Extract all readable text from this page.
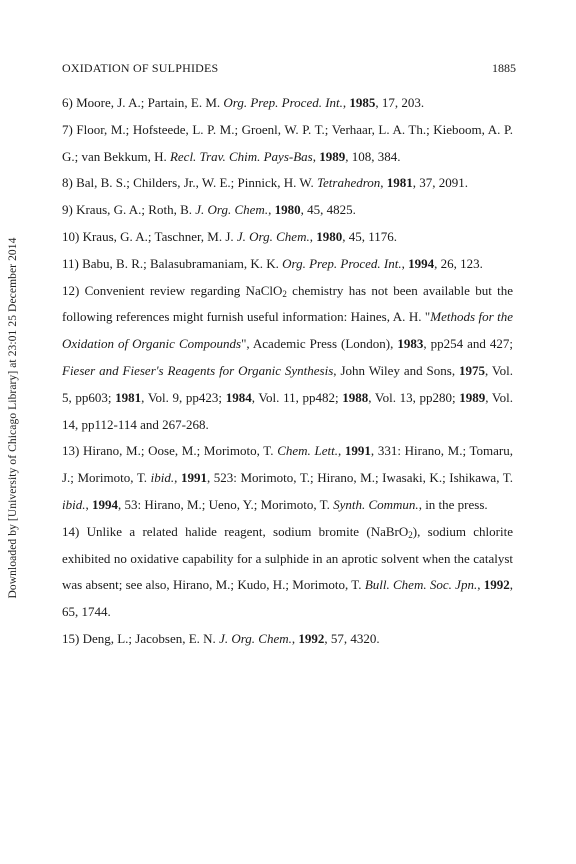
Downloaded by [University of Chicago Library] at 23:01 25 December 2014
OXIDATION OF SULPHIDES	1885

6) Moore, J. A.; Partain, E. M. Org. Prep. Proced. Int., 1985, 17, 203.

7) Floor, M.; Hofsteede, L. P. M.; Groenl, W. P. T.; Verhaar, L. A. Th.; Kieboom, A. P. G.; van Bekkum, H. Recl. Trav. Chim. Pays-Bas, 1989, 108, 384.

8) Bal, B. S.; Childers, Jr., W. E.; Pinnick, H. W. Tetrahedron, 1981, 37, 2091.

9) Kraus, G. A.; Roth, B. J. Org. Chem., 1980, 45, 4825.

10) Kraus, G. A.; Taschner, M. J. J. Org. Chem., 1980, 45, 1176.

11) Babu, B. R.; Balasubramaniam, K. K. Org. Prep. Proced. Int., 1994, 26, 123.

12) Convenient review regarding NaClO$_2$ chemistry has not been available but the following references might furnish useful information: Haines, A. H. "Methods for the Oxidation of Organic Compounds", Academic Press (London), 1983, pp254 and 427; Fieser and Fieser's Reagents for Organic Synthesis, John Wiley and Sons, 1975, Vol. 5, pp603; 1981, Vol. 9, pp423; 1984, Vol. 11, pp482; 1988, Vol. 13, pp280; 1989, Vol. 14, pp112-114 and 267-268.

13) Hirano, M.; Oose, M.; Morimoto, T. Chem. Lett., 1991, 331: Hirano, M.; Tomaru, J.; Morimoto, T. ibid., 1991, 523: Morimoto, T.; Hirano, M.; Iwasaki, K.; Ishikawa, T. ibid., 1994, 53: Hirano, M.; Ueno, Y.; Morimoto, T. Synth. Commun., in the press.

14) Unlike a related halide reagent, sodium bromite (NaBrO$_2$), sodium chlorite exhibited no oxidative capability for a sulphide in an aprotic solvent when the catalyst was absent; see also, Hirano, M.; Kudo, H.; Morimoto, T. Bull. Chem. Soc. Jpn., 1992, 65, 1744.

15) Deng, L.; Jacobsen, E. N. J. Org. Chem., 1992, 57, 4320.
